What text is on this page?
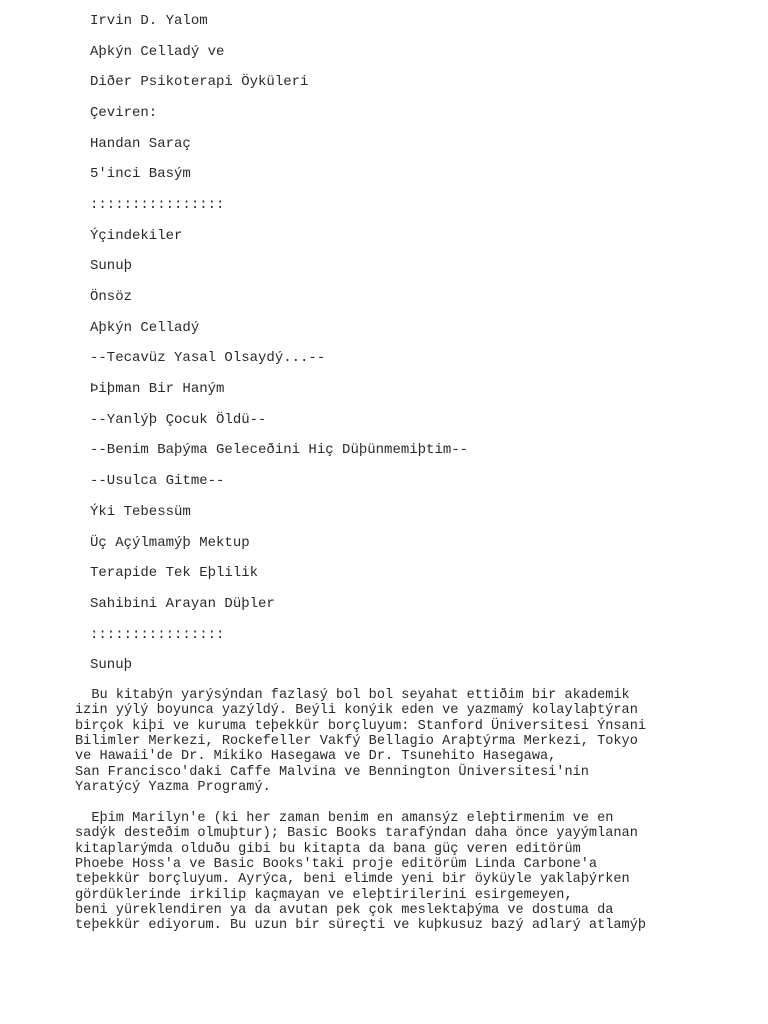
Irvin D. Yalom
Aþkýn Celladý ve
Diðer Psikoterapi Öyküleri
Çeviren:
Handan Saraç
5'inci Basým
::::::::::::::::
Ýçindekiler
Sunuþ
Önsöz
Aþkýn Celladý
--Tecavüz Yasal Olsaydý...--
Þiþman Bir Haným
--Yanlýþ Çocuk Öldü--
--Benim Baþýma Geleceðini Hiç Düþünmemiþtim--
--Usulca Gitme--
Ýki Tebessüm
Üç Açýlmamýþ Mektup
Terapide Tek Eþlilik
Sahibini Arayan Düþler
::::::::::::::::
Sunuþ
Bu kitabýn yarýsýndan fazlasý bol bol seyahat ettiðim bir akademik
izin yýlý boyunca yazýldý. Beýli konýik eden ve yazmamý kolaylaþtýran
birçok kiþi ve kuruma teþekkür borçluyum: Stanford Üniversitesi Ýnsani
Bilimler Merkezi, Rockefeller Vakfý Bellagio Araþtýrma Merkezi, Tokyo
ve Hawaii'de Dr. Mikiko Hasegawa ve Dr. Tsunehito Hasegawa,
San Francisco'daki Caffe Malvina ve Bennington Üniversitesi'nin
Yaratýcý Yazma Programý.
Eþim Marilyn'e (ki her zaman benim en amansýz eleþtirmenim ve en
sadýk desteðim olmuþtur); Basic Books tarafýndan daha önce yayýmlanan
kitaplarýmda olduðu gibi bu kitapta da bana güç veren editörüm
Phoebe Hoss'a ve Basic Books'taki proje editörüm Linda Carbone'a
teþekkür borçluyum. Ayrýca, beni elimde yeni bir öyküyle yaklaþýrken
gördüklerinde irkilip kaçmayan ve eleþtirilerini esirgemeyen,
beni yüreklendiren ya da avutan pek çok meslektaþýma ve dostuma da
teþekkür ediyorum. Bu uzun bir süreçti ve kuþkusuz bazý adlarý atlamýþ
